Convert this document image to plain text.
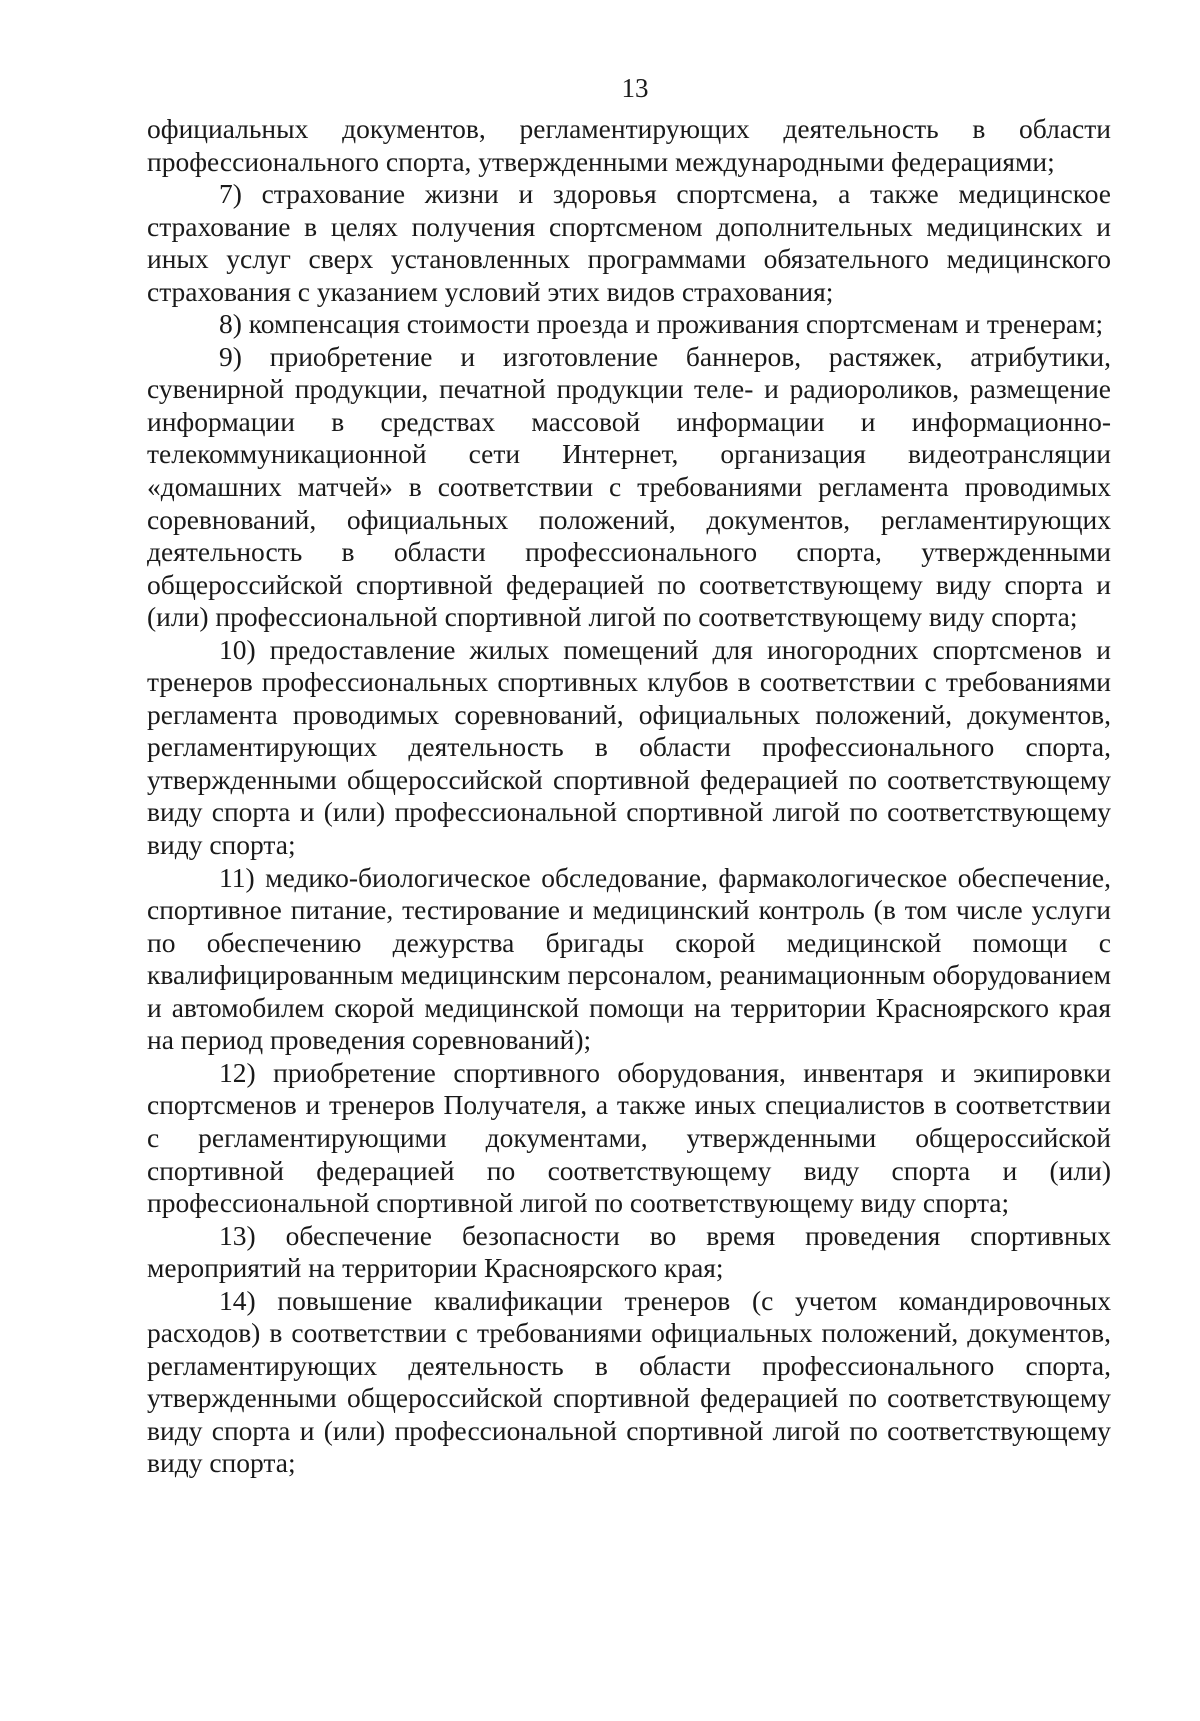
13

официальных документов, регламентирующих деятельность в области профессионального спорта, утвержденными международными федерациями;

7) страхование жизни и здоровья спортсмена, а также медицинское страхование в целях получения спортсменом дополнительных медицинских и иных услуг сверх установленных программами обязательного медицинского страхования с указанием условий этих видов страхования;

8) компенсация стоимости проезда и проживания спортсменам и тренерам;

9) приобретение и изготовление баннеров, растяжек, атрибутики, сувенирной продукции, печатной продукции теле- и радиороликов, размещение информации в средствах массовой информации и информационно-телекоммуникационной сети Интернет, организация видеотрансляции «домашних матчей» в соответствии с требованиями регламента проводимых соревнований, официальных положений, документов, регламентирующих деятельность в области профессионального спорта, утвержденными общероссийской спортивной федерацией по соответствующему виду спорта и (или) профессиональной спортивной лигой по соответствующему виду спорта;

10) предоставление жилых помещений для иногородних спортсменов и тренеров профессиональных спортивных клубов в соответствии с требованиями регламента проводимых соревнований, официальных положений, документов, регламентирующих деятельность в области профессионального спорта, утвержденными общероссийской спортивной федерацией по соответствующему виду спорта и (или) профессиональной спортивной лигой по соответствующему виду спорта;

11) медико-биологическое обследование, фармакологическое обеспечение, спортивное питание, тестирование и медицинский контроль (в том числе услуги по обеспечению дежурства бригады скорой медицинской помощи с квалифицированным медицинским персоналом, реанимационным оборудованием и автомобилем скорой медицинской помощи на территории Красноярского края на период проведения соревнований);

12) приобретение спортивного оборудования, инвентаря и экипировки спортсменов и тренеров Получателя, а также иных специалистов в соответствии с регламентирующими документами, утвержденными общероссийской спортивной федерацией по соответствующему виду спорта и (или) профессиональной спортивной лигой по соответствующему виду спорта;

13) обеспечение безопасности во время проведения спортивных мероприятий на территории Красноярского края;

14) повышение квалификации тренеров (с учетом командировочных расходов) в соответствии с требованиями официальных положений, документов, регламентирующих деятельность в области профессионального спорта, утвержденными общероссийской спортивной федерацией по соответствующему виду спорта и (или) профессиональной спортивной лигой по соответствующему виду спорта;
